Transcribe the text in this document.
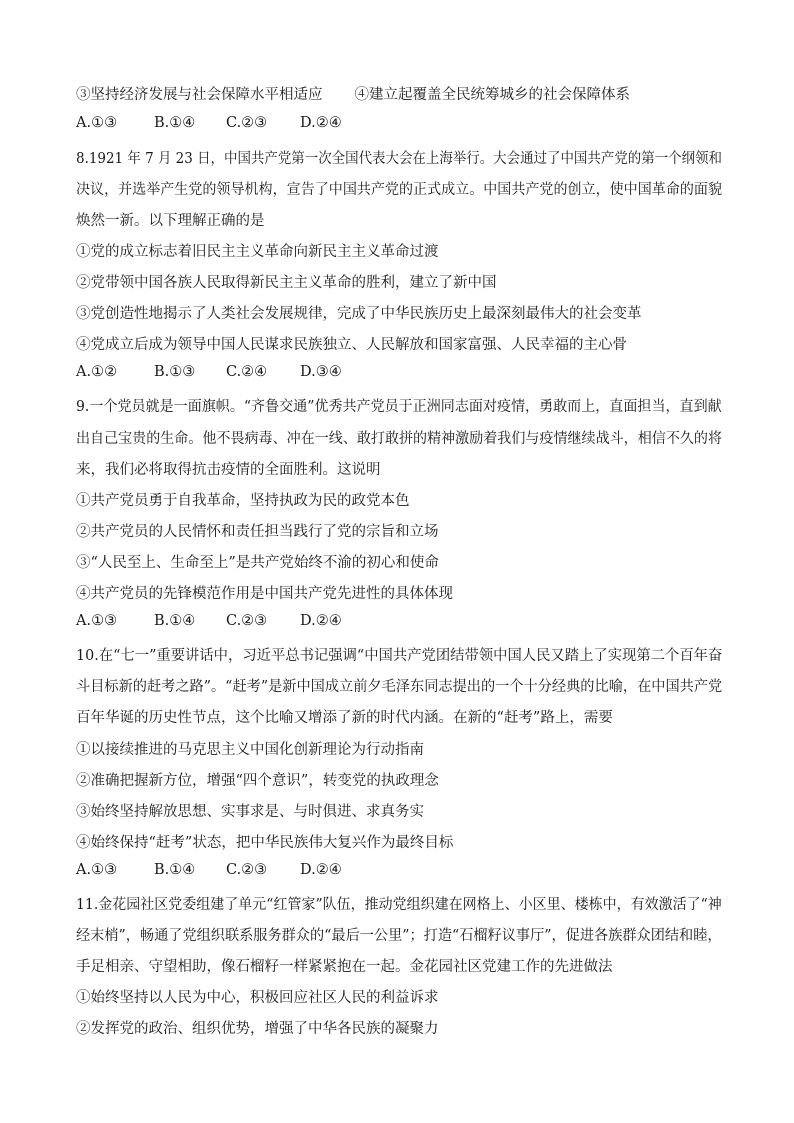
③坚持经济发展与社会保障水平相适应 ④建立起覆盖全民统筹城乡的社会保障体系
A.①③	B.①④ C.②③ D.②④
8.1921 年 7 月 23 日，中国共产党第一次全国代表大会在上海举行。大会通过了中国共产党的第一个纲领和
决议，并选举产生党的领导机构，宣告了中国共产党的正式成立。中国共产党的创立，使中国革命的面貌
焕然一新。以下理解正确的是
①党的成立标志着旧民主主义革命向新民主主义革命过渡
②党带领中国各族人民取得新民主主义革命的胜利，建立了新中国
③党创造性地揭示了人类社会发展规律，完成了中华民族历史上最深刻最伟大的社会变革
④党成立后成为领导中国人民谋求民族独立、人民解放和国家富强、人民幸福的主心骨
A.①②	B.①③ C.②④ D.③④
9.一个党员就是一面旗帜。“齐鲁交通”优秀共产党员于正洲同志面对疫情，勇敢而上，直面担当，直到献
出自己宝贵的生命。他不畏病毒、冲在一线、敢打敢拼的精神激励着我们与疫情继续战斗，相信不久的将
来，我们必将取得抗击疫情的全面胜利。这说明
①共产党员勇于自我革命，坚持执政为民的政党本色
②共产党员的人民情怀和责任担当践行了党的宗旨和立场
③“人民至上、生命至上”是共产党始终不渝的初心和使命
④共产党员的先锋模范作用是中国共产党先进性的具体体现
A.①③	B.①④ C.②③ D.②④
10.在“七一”重要讲话中，习近平总书记强调“中国共产党团结带领中国人民又踏上了实现第二个百年奋
斗目标新的赶考之路”。“赶考”是新中国成立前夕毛泽东同志提出的一个十分经典的比喻，在中国共产党
百年华诞的历史性节点，这个比喻又增添了新的时代内涵。在新的“赶考”路上，需要
①以接续推进的马克思主义中国化创新理论为行动指南
②准确把握新方位，增强“四个意识”，转变党的执政理念
③始终坚持解放思想、实事求是、与时俱进、求真务实
④始终保持“赶考”状态，把中华民族伟大复兴作为最终目标
A.①③	B.①④ C.②③ D.②④
11.金花园社区党委组建了单元“红管家”队伍，推动党组织建在网格上、小区里、楼栋中，有效激活了“神
经末梢”，畅通了党组织联系服务群众的“最后一公里”；打造“石榴籽议事厅”，促进各族群众团结和睦，
手足相亲、守望相助，像石榴籽一样紧紧抱在一起。金花园社区党建工作的先进做法
①始终坚持以人民为中心，积极回应社区人民的利益诉求
②发挥党的政治、组织优势，增强了中华各民族的凝聚力
